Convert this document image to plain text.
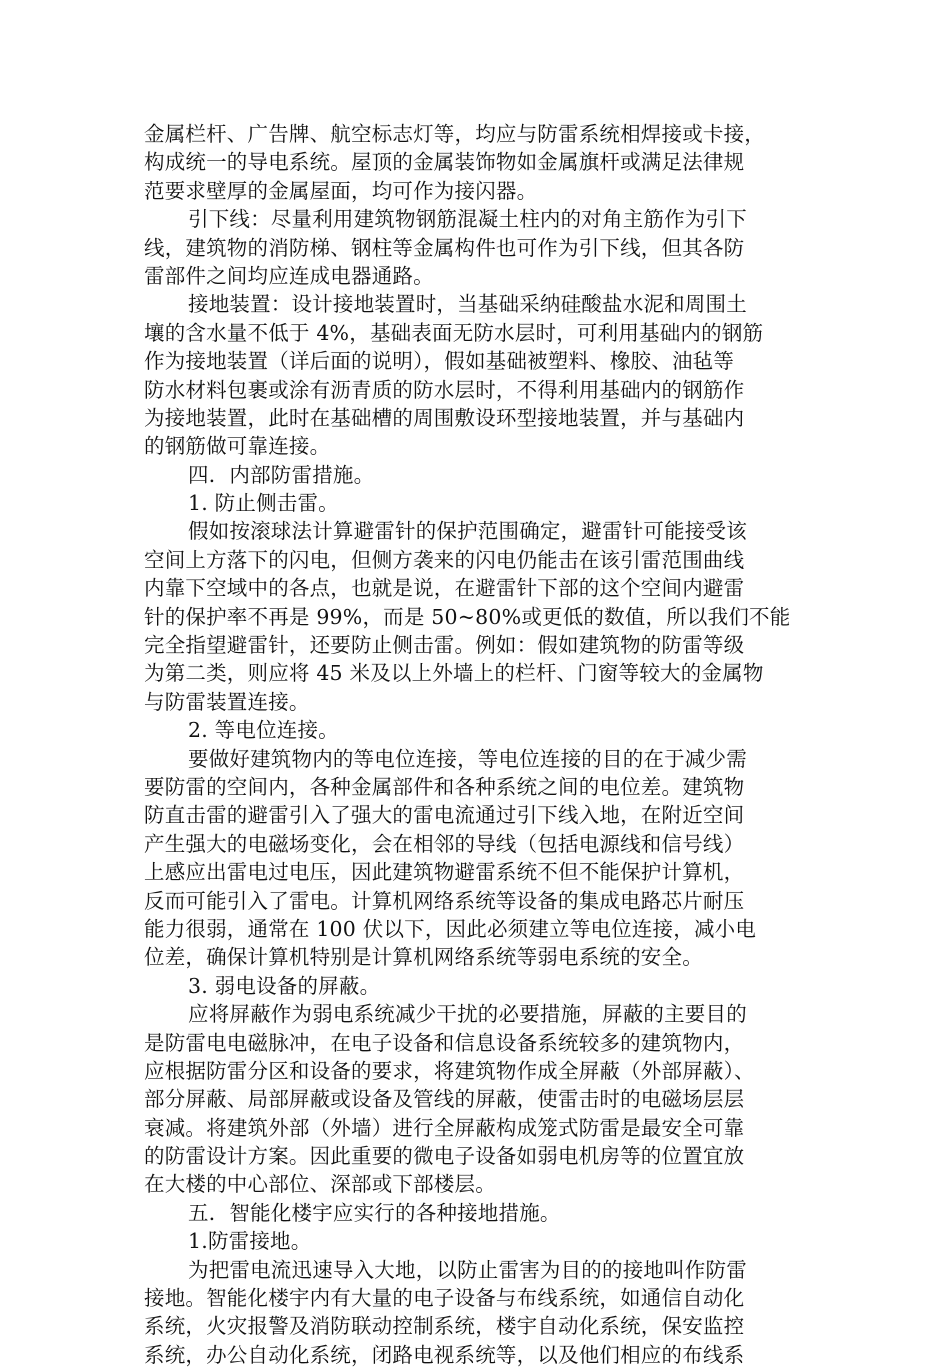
金属栏杆、广告牌、航空标志灯等，均应与防雷系统相焊接或卡接，
构成统一的导电系统。屋顶的金属装饰物如金属旗杆或满足法律规
范要求壁厚的金属屋面，均可作为接闪器。
引下线：尽量利用建筑物钢筋混凝土柱内的对角主筋作为引下
线，建筑物的消防梯、钢柱等金属构件也可作为引下线，但其各防
雷部件之间均应连成电器通路。
接地装置：设计接地装置时，当基础采纳硅酸盐水泥和周围土
壤的含水量不低于 4%，基础表面无防水层时，可利用基础内的钢筋
作为接地装置（详后面的说明），假如基础被塑料、橡胶、油毡等
防水材料包裹或涂有沥青质的防水层时，不得利用基础内的钢筋作
为接地装置，此时在基础槽的周围敷设环型接地装置，并与基础内
的钢筋做可靠连接。
四．内部防雷措施。
1. 防止侧击雷。
假如按滚球法计算避雷针的保护范围确定，避雷针可能接受该
空间上方落下的闪电，但侧方袭来的闪电仍能击在该引雷范围曲线
内靠下空域中的各点，也就是说，在避雷针下部的这个空间内避雷
针的保护率不再是 99%，而是 50~80%或更低的数值，所以我们不能
完全指望避雷针，还要防止侧击雷。例如：假如建筑物的防雷等级
为第二类，则应将 45 米及以上外墙上的栏杆、门窗等较大的金属物
与防雷装置连接。
2. 等电位连接。
要做好建筑物内的等电位连接，等电位连接的目的在于减少需
要防雷的空间内，各种金属部件和各种系统之间的电位差。建筑物
防直击雷的避雷引入了强大的雷电流通过引下线入地，在附近空间
产生强大的电磁场变化，会在相邻的导线（包括电源线和信号线）
上感应出雷电过电压，因此建筑物避雷系统不但不能保护计算机，
反而可能引入了雷电。计算机网络系统等设备的集成电路芯片耐压
能力很弱，通常在 100 伏以下，因此必须建立等电位连接，减小电
位差，确保计算机特别是计算机网络系统等弱电系统的安全。
3. 弱电设备的屏蔽。
应将屏蔽作为弱电系统减少干扰的必要措施，屏蔽的主要目的
是防雷电电磁脉冲，在电子设备和信息设备系统较多的建筑物内，
应根据防雷分区和设备的要求，将建筑物作成全屏蔽（外部屏蔽）、
部分屏蔽、局部屏蔽或设备及管线的屏蔽，使雷击时的电磁场层层
衰减。将建筑外部（外墙）进行全屏蔽构成笼式防雷是最安全可靠
的防雷设计方案。因此重要的微电子设备如弱电机房等的位置宜放
在大楼的中心部位、深部或下部楼层。
五．智能化楼宇应实行的各种接地措施。
1.防雷接地。
为把雷电流迅速导入大地，以防止雷害为目的的接地叫作防雷
接地。智能化楼宇内有大量的电子设备与布线系统，如通信自动化
系统，火灾报警及消防联动控制系统，楼宇自动化系统，保安监控
系统，办公自动化系统，闭路电视系统等，以及他们相应的布线系
